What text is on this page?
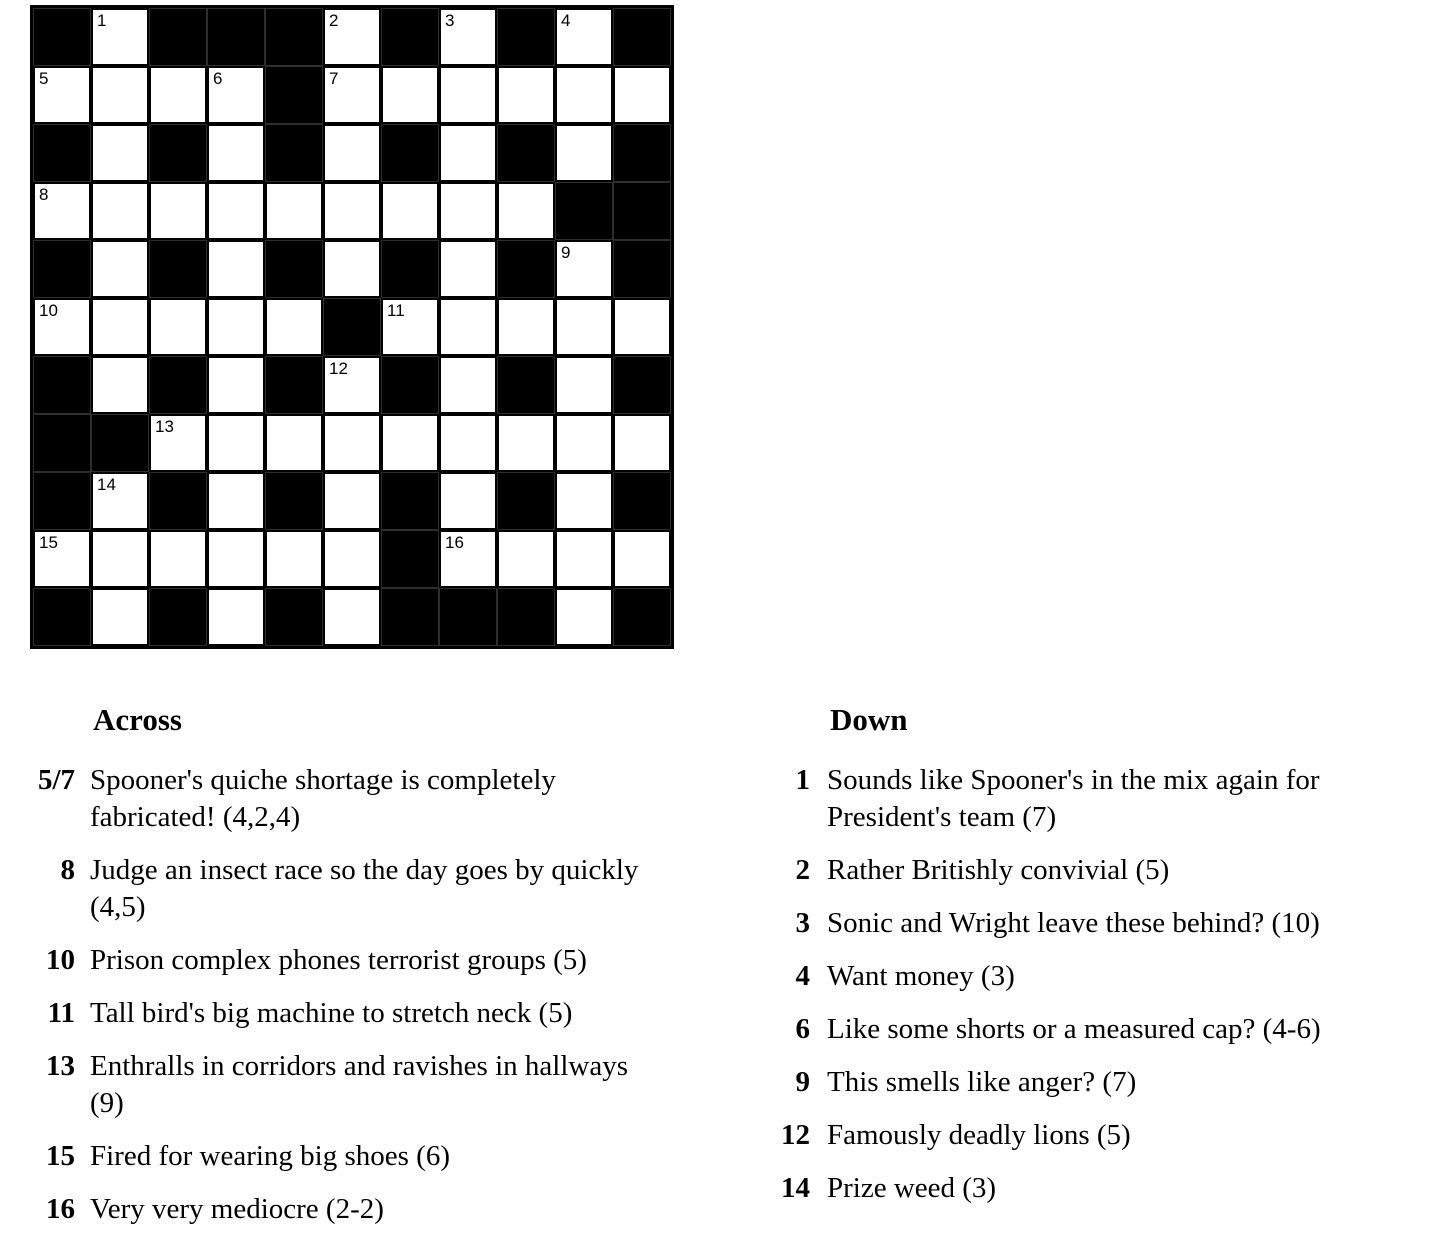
1	2	3	4
5	6	7
8
9
10	11
12
13
14
15	16
Across
5/7 Spooner's quiche shortage is completely fabricated! (4,2,4)
8 Judge an insect race so the day goes by quickly (4,5)
10 Prison complex phones terrorist groups (5)
11 Tall bird's big machine to stretch neck (5)
13 Enthralls in corridors and ravishes in hallways (9)
15 Fired for wearing big shoes (6)
16 Very very mediocre (2-2)
Down
1 Sounds like Spooner's in the mix again for President's team (7)
2 Rather Britishly convivial (5)
3 Sonic and Wright leave these behind? (10)
4 Want money (3)
6 Like some shorts or a measured cap? (4-6)
9 This smells like anger? (7)
12 Famously deadly lions (5)
14 Prize weed (3)
